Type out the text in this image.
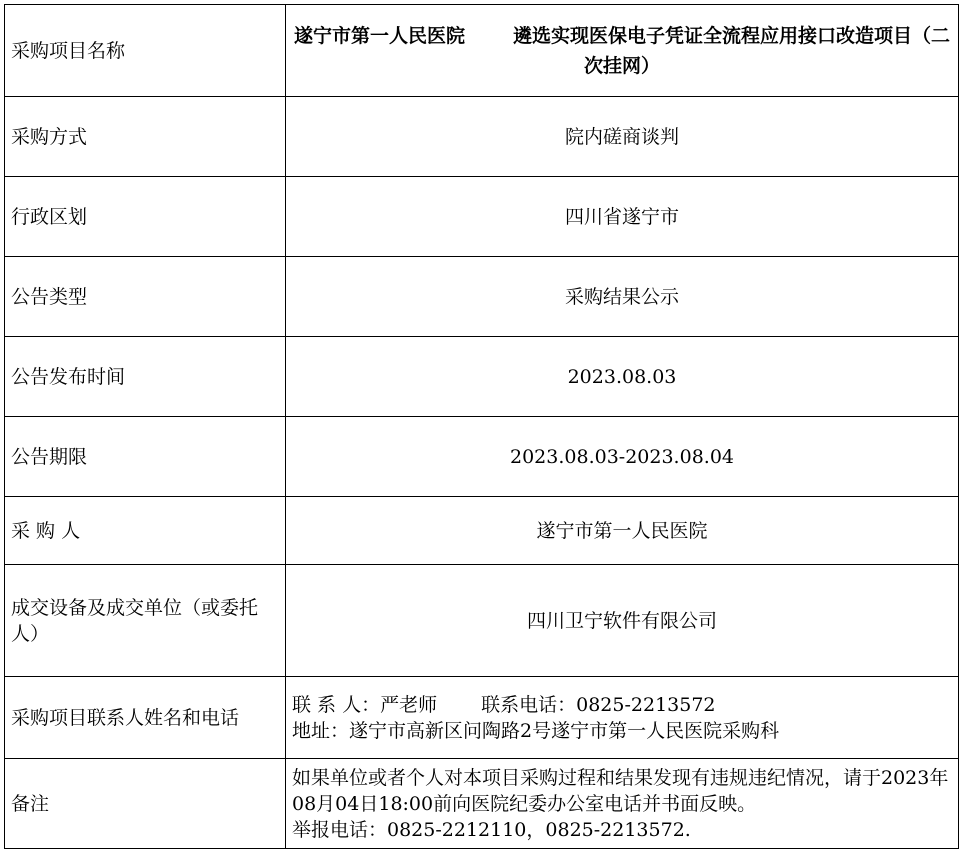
采购项目名称	遂宁市第一人民医院 遴选实现医保电子凭证全流程应用接口改造项目（二次挂网）
采购方式	院内磋商谈判
行政区划	四川省遂宁市
公告类型	采购结果公示
公告发布时间	2023.08.03
公告期限	2023.08.03-2023.08.04
采 购 人	遂宁市第一人民医院
成交设备及成交单位（或委托人）	四川卫宁软件有限公司
采购项目联系人姓名和电话	联 系 人：严老师　　 联系电话：0825-2213572
地址：遂宁市高新区问陶路2号遂宁市第一人民医院采购科

备注	如果单位或者个人对本项目采购过程和结果发现有违规违纪情况，请于2023年08月04日18:00前向医院纪委办公室电话并书面反映。
举报电话：0825-2212110，0825-2213572.
